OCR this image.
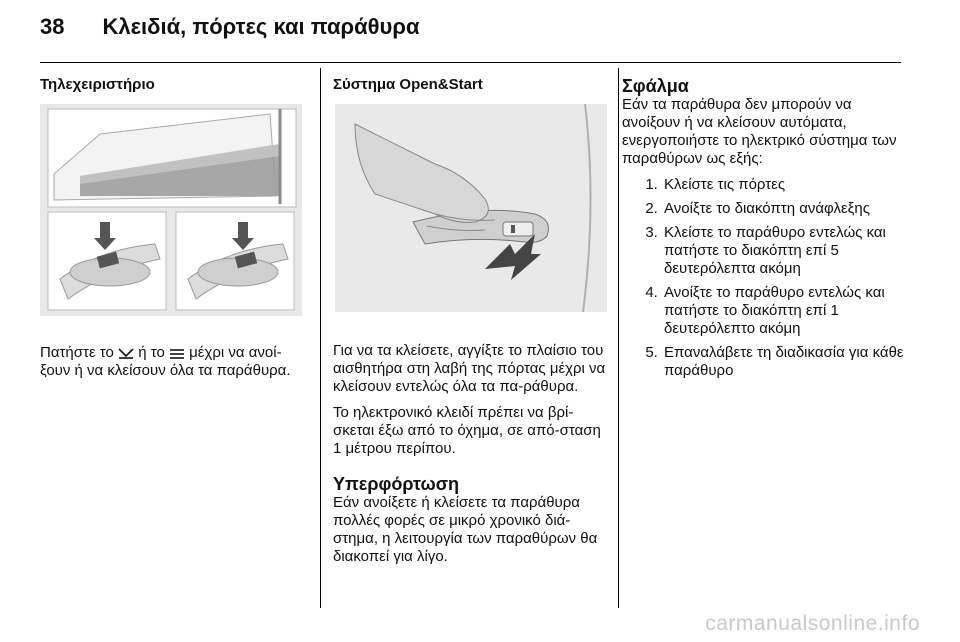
38 Κλειδιά, πόρτες και παράθυρα
Τηλεχειριστήριο

Πατήστε το ή το μέχρι να ανοί-ξουν ή να κλείσουν όλα τα παράθυρα.

Σύστημα Open&Start

Για να τα κλείσετε, αγγίξτε το πλαίσιο του αισθητήρα στη λαβή της πόρτας μέχρι να κλείσουν εντελώς όλα τα πα-ράθυρα.

Το ηλεκτρονικό κλειδί πρέπει να βρί-σκεται έξω από το όχημα, σε από-σταση 1 μέτρου περίπου.

Υπερφόρτωση

Εάν ανοίξετε ή κλείσετε τα παράθυρα πολλές φορές σε μικρό χρονικό διά-στημα, η λειτουργία των παραθύρων θα διακοπεί για λίγο.

Σφάλμα

Εάν τα παράθυρα δεν μπορούν να ανοίξουν ή να κλείσουν αυτόματα, ενεργοποιήστε το ηλεκτρικό σύστημα των παραθύρων ως εξής:

1. Κλείστε τις πόρτες
2. Ανοίξτε το διακόπτη ανάφλεξης
3. Κλείστε το παράθυρο εντελώς και πατήστε το διακόπτη επί 5 δευτερόλεπτα ακόμη
4. Ανοίξτε το παράθυρο εντελώς και πατήστε το διακόπτη επί 1 δευτερόλεπτο ακόμη
5. Επαναλάβετε τη διαδικασία για κάθε παράθυρο
carmanualsonline.info
